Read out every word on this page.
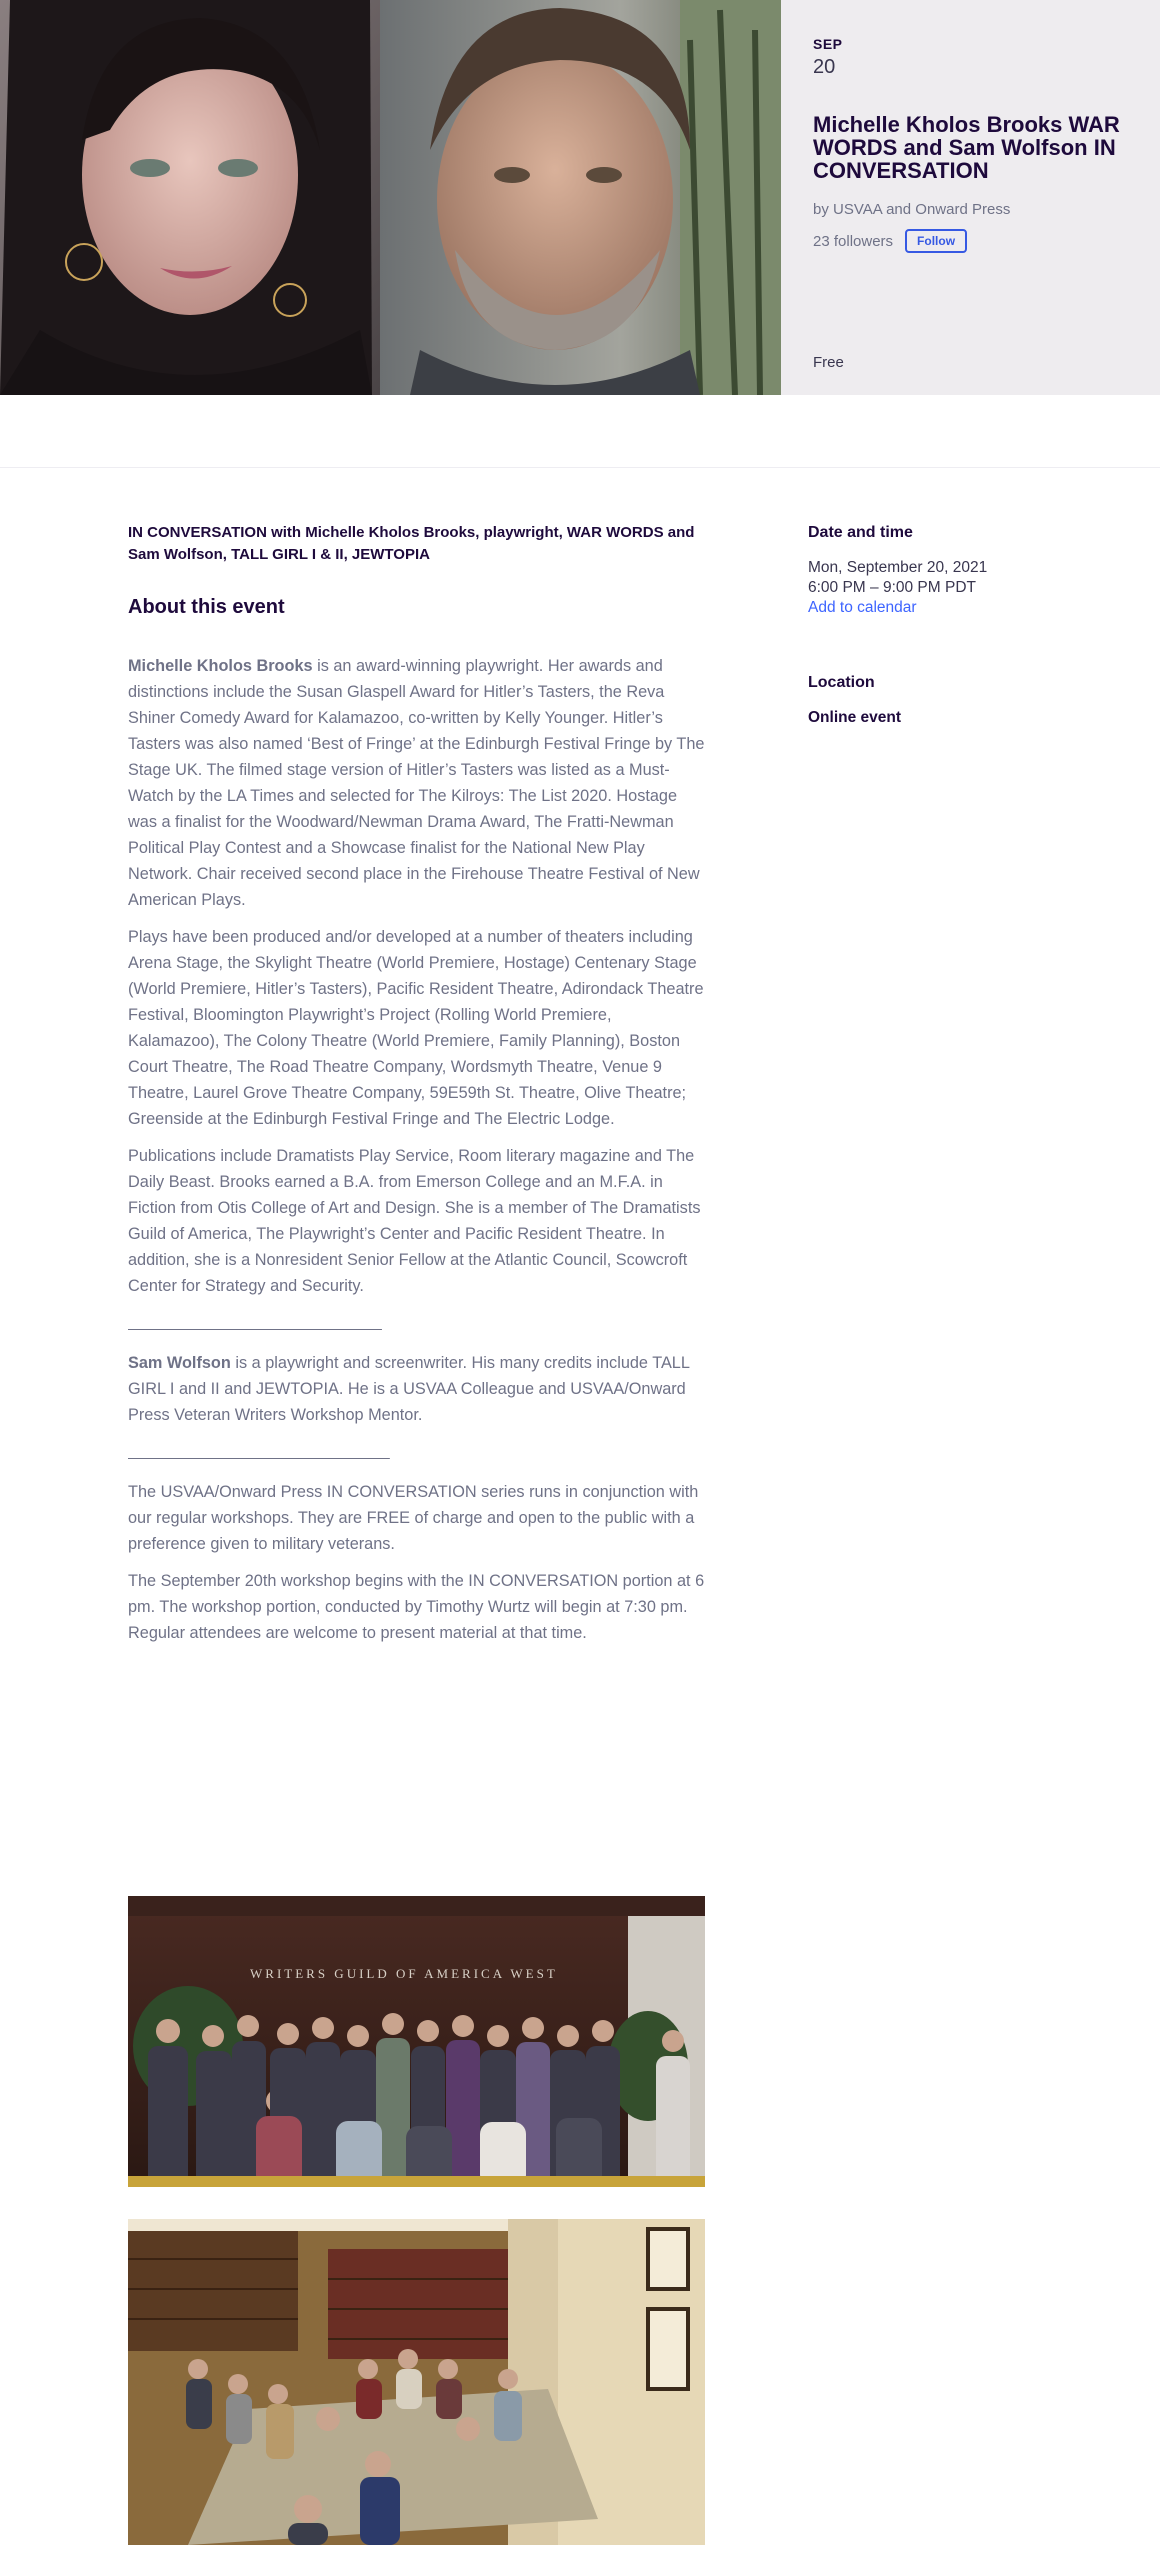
SEP
20
Michelle Kholos Brooks WAR WORDS and Sam Wolfson IN CONVERSATION
by USVAA and Onward Press
23 followers	Follow
Free

IN CONVERSATION with Michelle Kholos Brooks, playwright, WAR WORDS and Sam Wolfson, TALL GIRL I & II, JEWTOPIA

About this event

Michelle Kholos Brooks is an award-winning playwright. Her awards and distinctions include the Susan Glaspell Award for Hitler’s Tasters, the Reva Shiner Comedy Award for Kalamazoo, co-written by Kelly Younger. Hitler’s Tasters was also named ‘Best of Fringe’ at the Edinburgh Festival Fringe by The Stage UK. The filmed stage version of Hitler’s Tasters was listed as a Must-Watch by the LA Times and selected for The Kilroys: The List 2020. Hostage was a finalist for the Woodward/Newman Drama Award, The Fratti-Newman Political Play Contest and a Showcase finalist for the National New Play Network. Chair received second place in the Firehouse Theatre Festival of New American Plays.

Plays have been produced and/or developed at a number of theaters including Arena Stage, the Skylight Theatre (World Premiere, Hostage) Centenary Stage (World Premiere, Hitler’s Tasters), Pacific Resident Theatre, Adirondack Theatre Festival, Bloomington Playwright’s Project (Rolling World Premiere, Kalamazoo), The Colony Theatre (World Premiere, Family Planning), Boston Court Theatre, The Road Theatre Company, Wordsmyth Theatre, Venue 9 Theatre, Laurel Grove Theatre Company, 59E59th St. Theatre, Olive Theatre; Greenside at the Edinburgh Festival Fringe and The Electric Lodge.

Publications include Dramatists Play Service, Room literary magazine and The Daily Beast. Brooks earned a B.A. from Emerson College and an M.F.A. in Fiction from Otis College of Art and Design. She is a member of The Dramatists Guild of America, The Playwright’s Center and Pacific Resident Theatre. In addition, she is a Nonresident Senior Fellow at the Atlantic Council, Scowcroft Center for Strategy and Security.

________________________________

Sam Wolfson is a playwright and screenwriter. His many credits include TALL GIRL I and II and JEWTOPIA. He is a USVAA Colleague and USVAA/Onward Press Veteran Writers Workshop Mentor.

_________________________________

The USVAA/Onward Press IN CONVERSATION series runs in conjunction with our regular workshops. They are FREE of charge and open to the public with a preference given to military veterans.

The September 20th workshop begins with the IN CONVERSATION portion at 6 pm. The workshop portion, conducted by Timothy Wurtz will begin at 7:30 pm. Regular attendees are welcome to present material at that time.

WRITERS GUILD OF AMERICA WEST
Date and time
Mon, September 20, 2021
6:00 PM – 9:00 PM PDT
Add to calendar
Location
Online event
